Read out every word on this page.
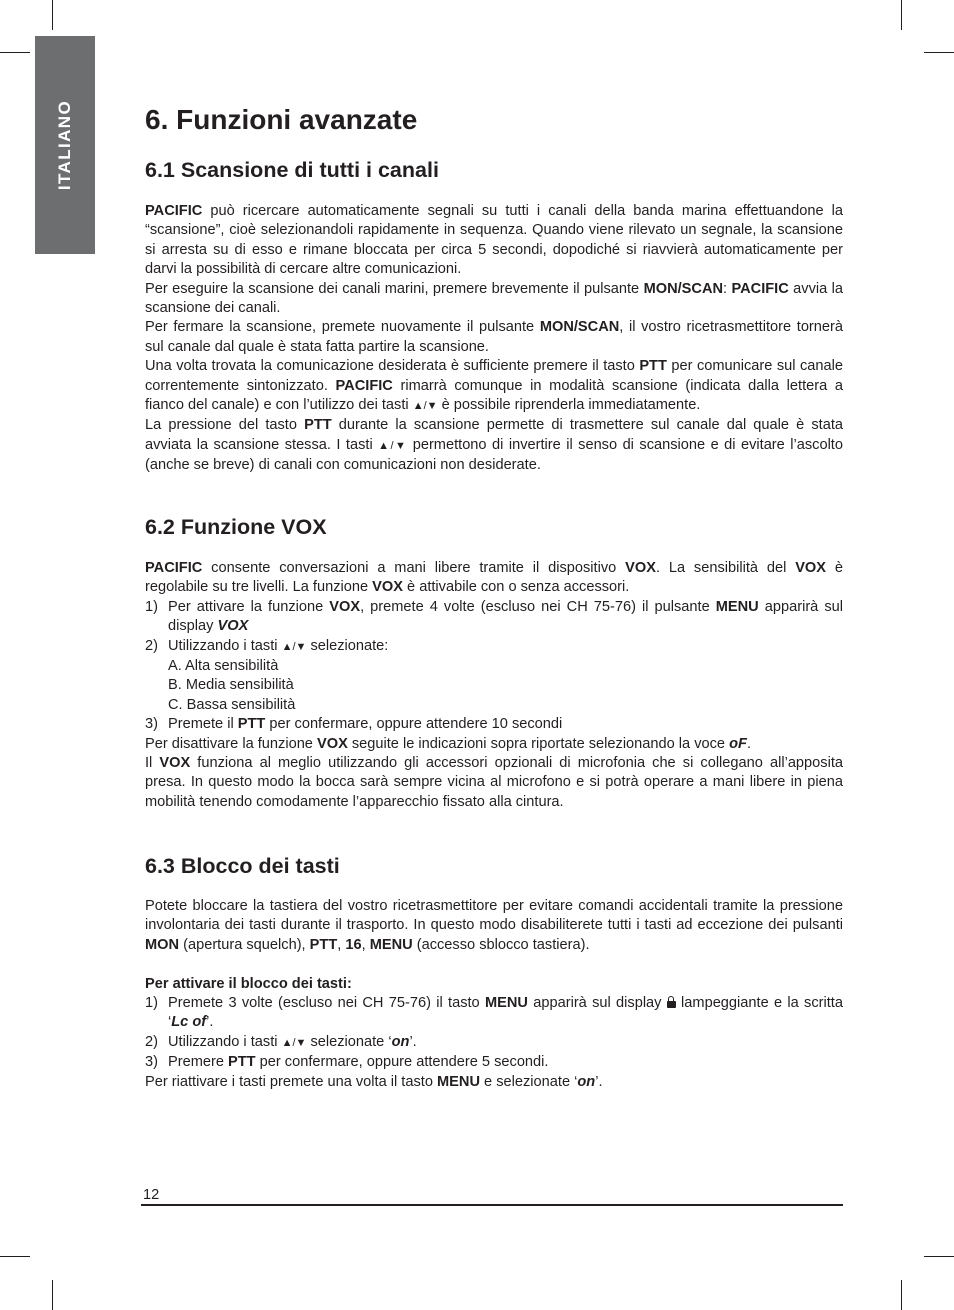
ITALIANO	6. Funzioni avanzate
6.1 Scansione di tutti i canali

PACIFIC può ricercare automaticamente segnali su tutti i canali della banda marina effettuandone la “scansione”, cioè selezionandoli rapidamente in sequenza. Quando viene rilevato un segnale, la scansione si arresta su di esso e rimane bloccata per circa 5 secondi, dopodiché si riavvierà automaticamente per darvi la possibilità di cercare altre comunicazioni.

Per eseguire la scansione dei canali marini, premere brevemente il pulsante MON/SCAN: PACIFIC avvia la scansione dei canali.

Per fermare la scansione, premete nuovamente il pulsante MON/SCAN, il vostro ricetrasmettitore tornerà sul canale dal quale è stata fatta partire la scansione.

Una volta trovata la comunicazione desiderata è sufficiente premere il tasto PTT per comunicare sul canale correntemente sintonizzato. PACIFIC rimarrà comunque in modalità scansione (indicata dalla lettera a fianco del canale) e con l’utilizzo dei tasti ▲/▼ è possibile riprenderla immediatamente.

La pressione del tasto PTT durante la scansione permette di trasmettere sul canale dal quale è stata avviata la scansione stessa. I tasti ▲/▼ permettono di invertire il senso di scansione e di evitare l’ascolto (anche se breve) di canali con comunicazioni non desiderate.

6.2 Funzione VOX

PACIFIC consente conversazioni a mani libere tramite il dispositivo VOX. La sensibilità del VOX è regolabile su tre livelli. La funzione VOX è attivabile con o senza accessori.

1) Per attivare la funzione VOX, premete 4 volte (escluso nei CH 75-76) il pulsante MENU apparirà sul display VOX
2) Utilizzando i tasti ▲/▼ selezionate:
A. Alta sensibilità
B. Media sensibilità
C. Bassa sensibilità
3) Premete il PTT per confermare, oppure attendere 10 secondi

Per disattivare la funzione VOX seguite le indicazioni sopra riportate selezionando la voce oF.

Il VOX funziona al meglio utilizzando gli accessori opzionali di microfonia che si collegano all’apposita presa. In questo modo la bocca sarà sempre vicina al microfono e si potrà operare a mani libere in piena mobilità tenendo comodamente l’apparecchio fissato alla cintura.

6.3 Blocco dei tasti

Potete bloccare la tastiera del vostro ricetrasmettitore per evitare comandi accidentali tramite la pressione involontaria dei tasti durante il trasporto. In questo modo disabiliterete tutti i tasti ad eccezione dei pulsanti MON (apertura squelch), PTT, 16, MENU (accesso sblocco tastiera).

Per attivare il blocco dei tasti:

1) Premete 3 volte (escluso nei CH 75-76) il tasto MENU apparirà sul display  lampeggiante e la scritta ‘Lc of’.
2) Utilizzando i tasti ▲/▼ selezionate ‘on’.
3) Premere PTT per confermare, oppure attendere 5 secondi.

Per riattivare i tasti premete una volta il tasto MENU e selezionate ‘on’.

12
